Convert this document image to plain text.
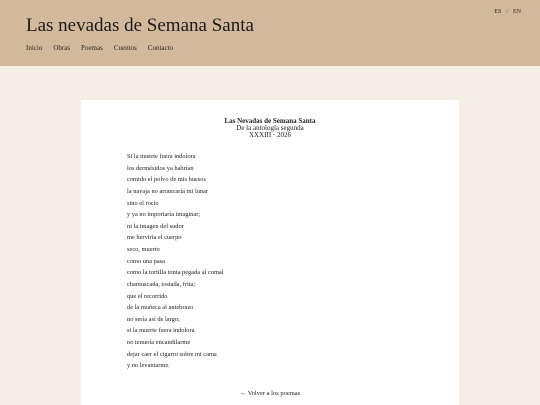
Las nevadas de Semana Santa
Inicio Obras Poemas Cuentos Contacto
ES / EN
Las Nevadas de Semana Santa
De la antología segunda
XXXIII · 2026
Si la muerte fuera indolora
los dermésidos ya habrían
comido el polvo de mis huesos
la navaja no arrancaría mi lunar
sino el rocío
y ya no importaría imaginar;
ni la imagen del sudor
me herviría el cuerpo
seco, muerto
como una pasa
como la tortilla tonta pegada al comal
chamuscada, tostada, frita;
que el recorrido
de la muñeca al antebrazo
no sería así de largo;
si la muerte fuera indolora
no temería encandilarme
dejar caer el cigarro sobre mi cama
y no levantarme.
← Volver a los poemas
